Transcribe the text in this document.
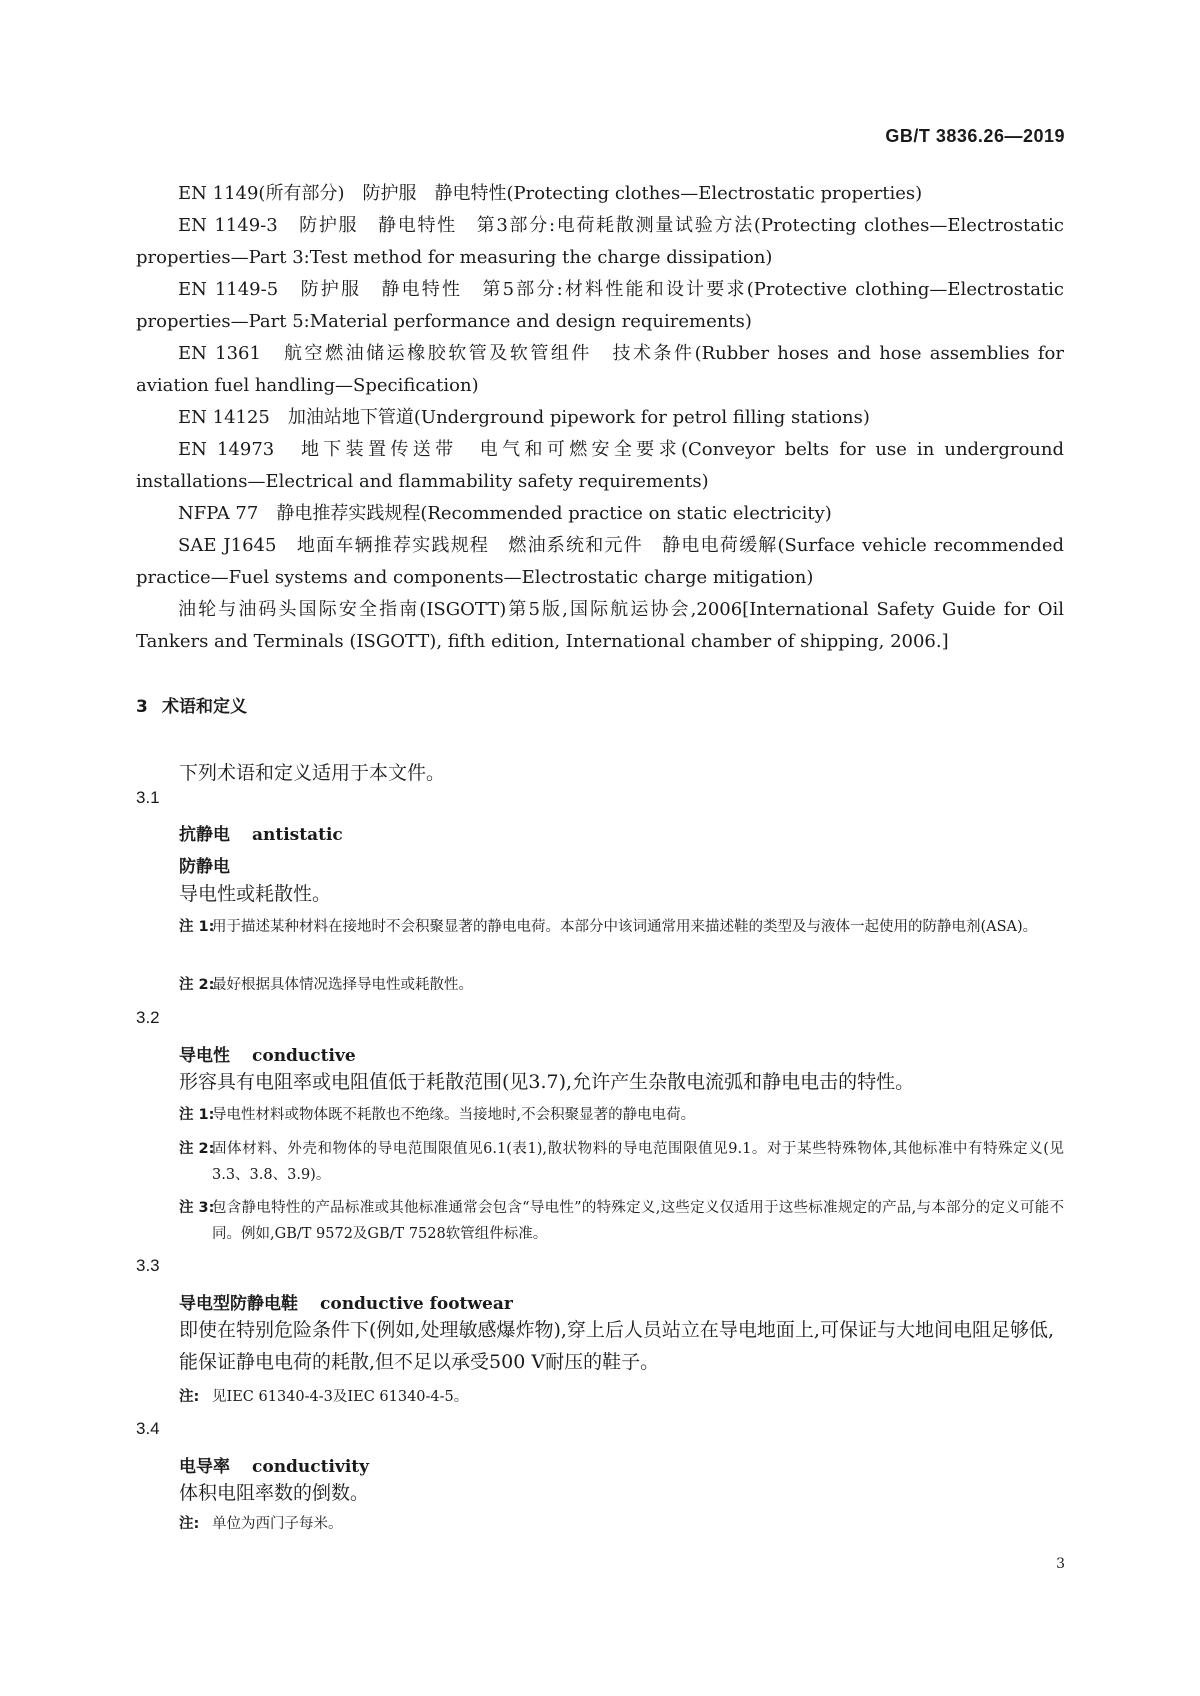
GB/T 3836.26—2019

EN 1149(所有部分)　防护服　静电特性(Protecting clothes—Electrostatic properties)

EN 1149-3　防护服　静电特性　第3部分:电荷耗散测量试验方法(Protecting clothes—Electrostatic properties—Part 3:Test method for measuring the charge dissipation)

EN 1149-5　防护服　静电特性　第5部分:材料性能和设计要求(Protective clothing—Electrostatic properties—Part 5:Material performance and design requirements)

EN 1361　航空燃油储运橡胶软管及软管组件　技术条件(Rubber hoses and hose assemblies for aviation fuel handling—Specification)

EN 14125　加油站地下管道(Underground pipework for petrol filling stations)

EN 14973　地下装置传送带　电气和可燃安全要求(Conveyor belts for use in underground installations—Electrical and flammability safety requirements)

NFPA 77　静电推荐实践规程(Recommended practice on static electricity)

SAE J1645　地面车辆推荐实践规程　燃油系统和元件　静电电荷缓解(Surface vehicle recommended practice—Fuel systems and components—Electrostatic charge mitigation)

油轮与油码头国际安全指南(ISGOTT)第5版,国际航运协会,2006[International Safety Guide for Oil Tankers and Terminals (ISGOTT), fifth edition, International chamber of shipping, 2006.]

3 术语和定义
下列术语和定义适用于本文件。
3.1
抗静电 antistatic
防静电
导电性或耗散性。
注 1:
用于描述某种材料在接地时不会积聚显著的静电电荷。本部分中该词通常用来描述鞋的类型及与液体一起使用的防静电剂(ASA)。
注 2:
最好根据具体情况选择导电性或耗散性。
3.2
导电性 conductive
形容具有电阻率或电阻值低于耗散范围(见3.7),允许产生杂散电流弧和静电电击的特性。
注 1:
导电性材料或物体既不耗散也不绝缘。当接地时,不会积聚显著的静电电荷。
注 2:
固体材料、外壳和物体的导电范围限值见6.1(表1),散状物料的导电范围限值见9.1。对于某些特殊物体,其他标准中有特殊定义(见3.3、3.8、3.9)。
注 3:
包含静电特性的产品标准或其他标准通常会包含“导电性”的特殊定义,这些定义仅适用于这些标准规定的产品,与本部分的定义可能不同。例如,GB/T 9572及GB/T 7528软管组件标准。
3.3
导电型防静电鞋 conductive footwear
即使在特别危险条件下(例如,处理敏感爆炸物),穿上后人员站立在导电地面上,可保证与大地间电阻足够低,能保证静电电荷的耗散,但不足以承受500 V耐压的鞋子。
注: 见IEC 61340-4-3及IEC 61340-4-5。
3.4
电导率 conductivity
体积电阻率数的倒数。
注: 单位为西门子每米。
3
